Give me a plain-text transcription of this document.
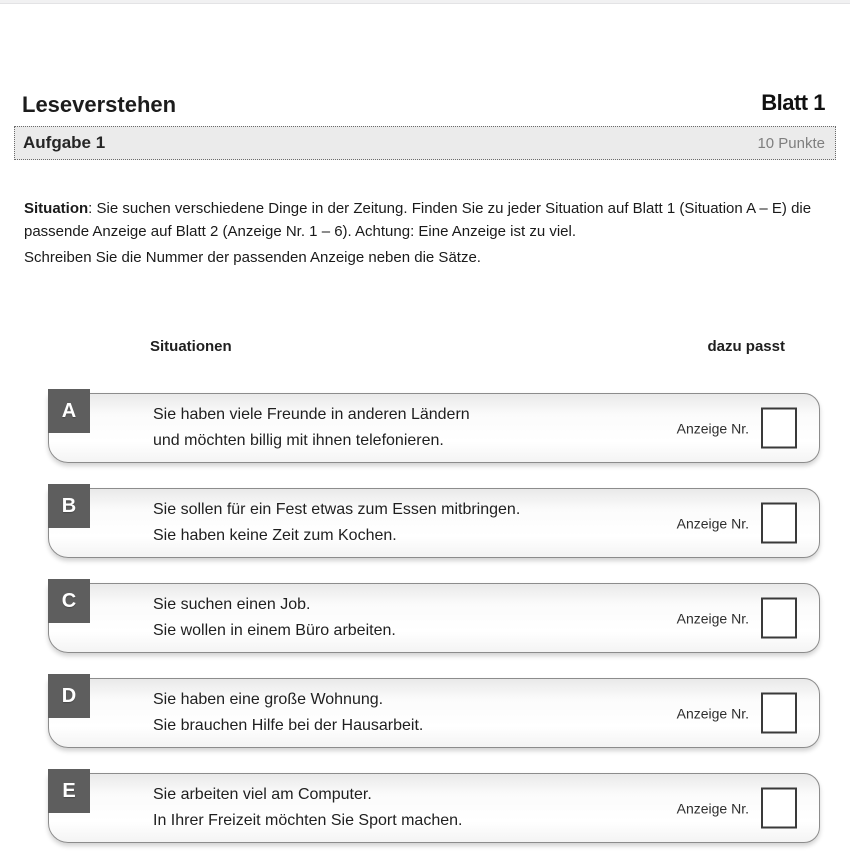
Leseverstehen	Blatt 1
Aufgabe 1	10 Punkte
Situation: Sie suchen verschiedene Dinge in der Zeitung. Finden Sie zu jeder Situation auf Blatt 1 (Situation A – E) die passende Anzeige auf Blatt 2 (Anzeige Nr. 1 – 6). Achtung: Eine Anzeige ist zu viel.
Schreiben Sie die Nummer der passenden Anzeige neben die Sätze.
Situationen	dazu passt
A	Sie haben viele Freunde in anderen Ländern
und möchten billig mit ihnen telefonieren.
Anzeige Nr.
B	Sie sollen für ein Fest etwas zum Essen mitbringen.
Sie haben keine Zeit zum Kochen.
Anzeige Nr.
C	Sie suchen einen Job.
Sie wollen in einem Büro arbeiten.
Anzeige Nr.
D	Sie haben eine große Wohnung.
Sie brauchen Hilfe bei der Hausarbeit.
Anzeige Nr.
E	Sie arbeiten viel am Computer.
In Ihrer Freizeit möchten Sie Sport machen.
Anzeige Nr.
